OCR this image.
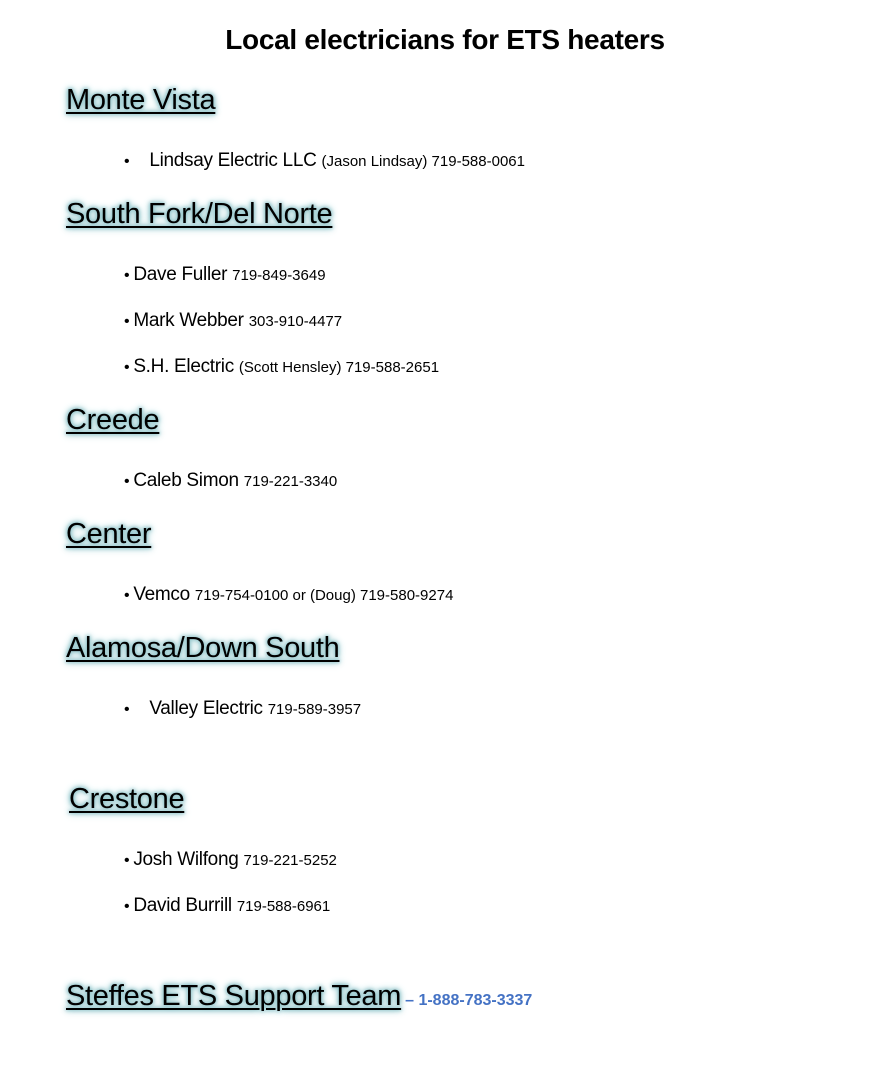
Local electricians for ETS heaters
Monte Vista
• Lindsay Electric LLC (Jason Lindsay) 719-588-0061
South Fork/Del Norte
• Dave Fuller 719-849-3649
• Mark Webber 303-910-4477
• S.H. Electric (Scott Hensley) 719-588-2651
Creede
• Caleb Simon 719-221-3340
Center
• Vemco 719-754-0100 or (Doug) 719-580-9274
Alamosa/Down South
• Valley Electric 719-589-3957
Crestone
• Josh Wilfong 719-221-5252
• David Burrill 719-588-6961
Steffes ETS Support Team – 1-888-783-3337
